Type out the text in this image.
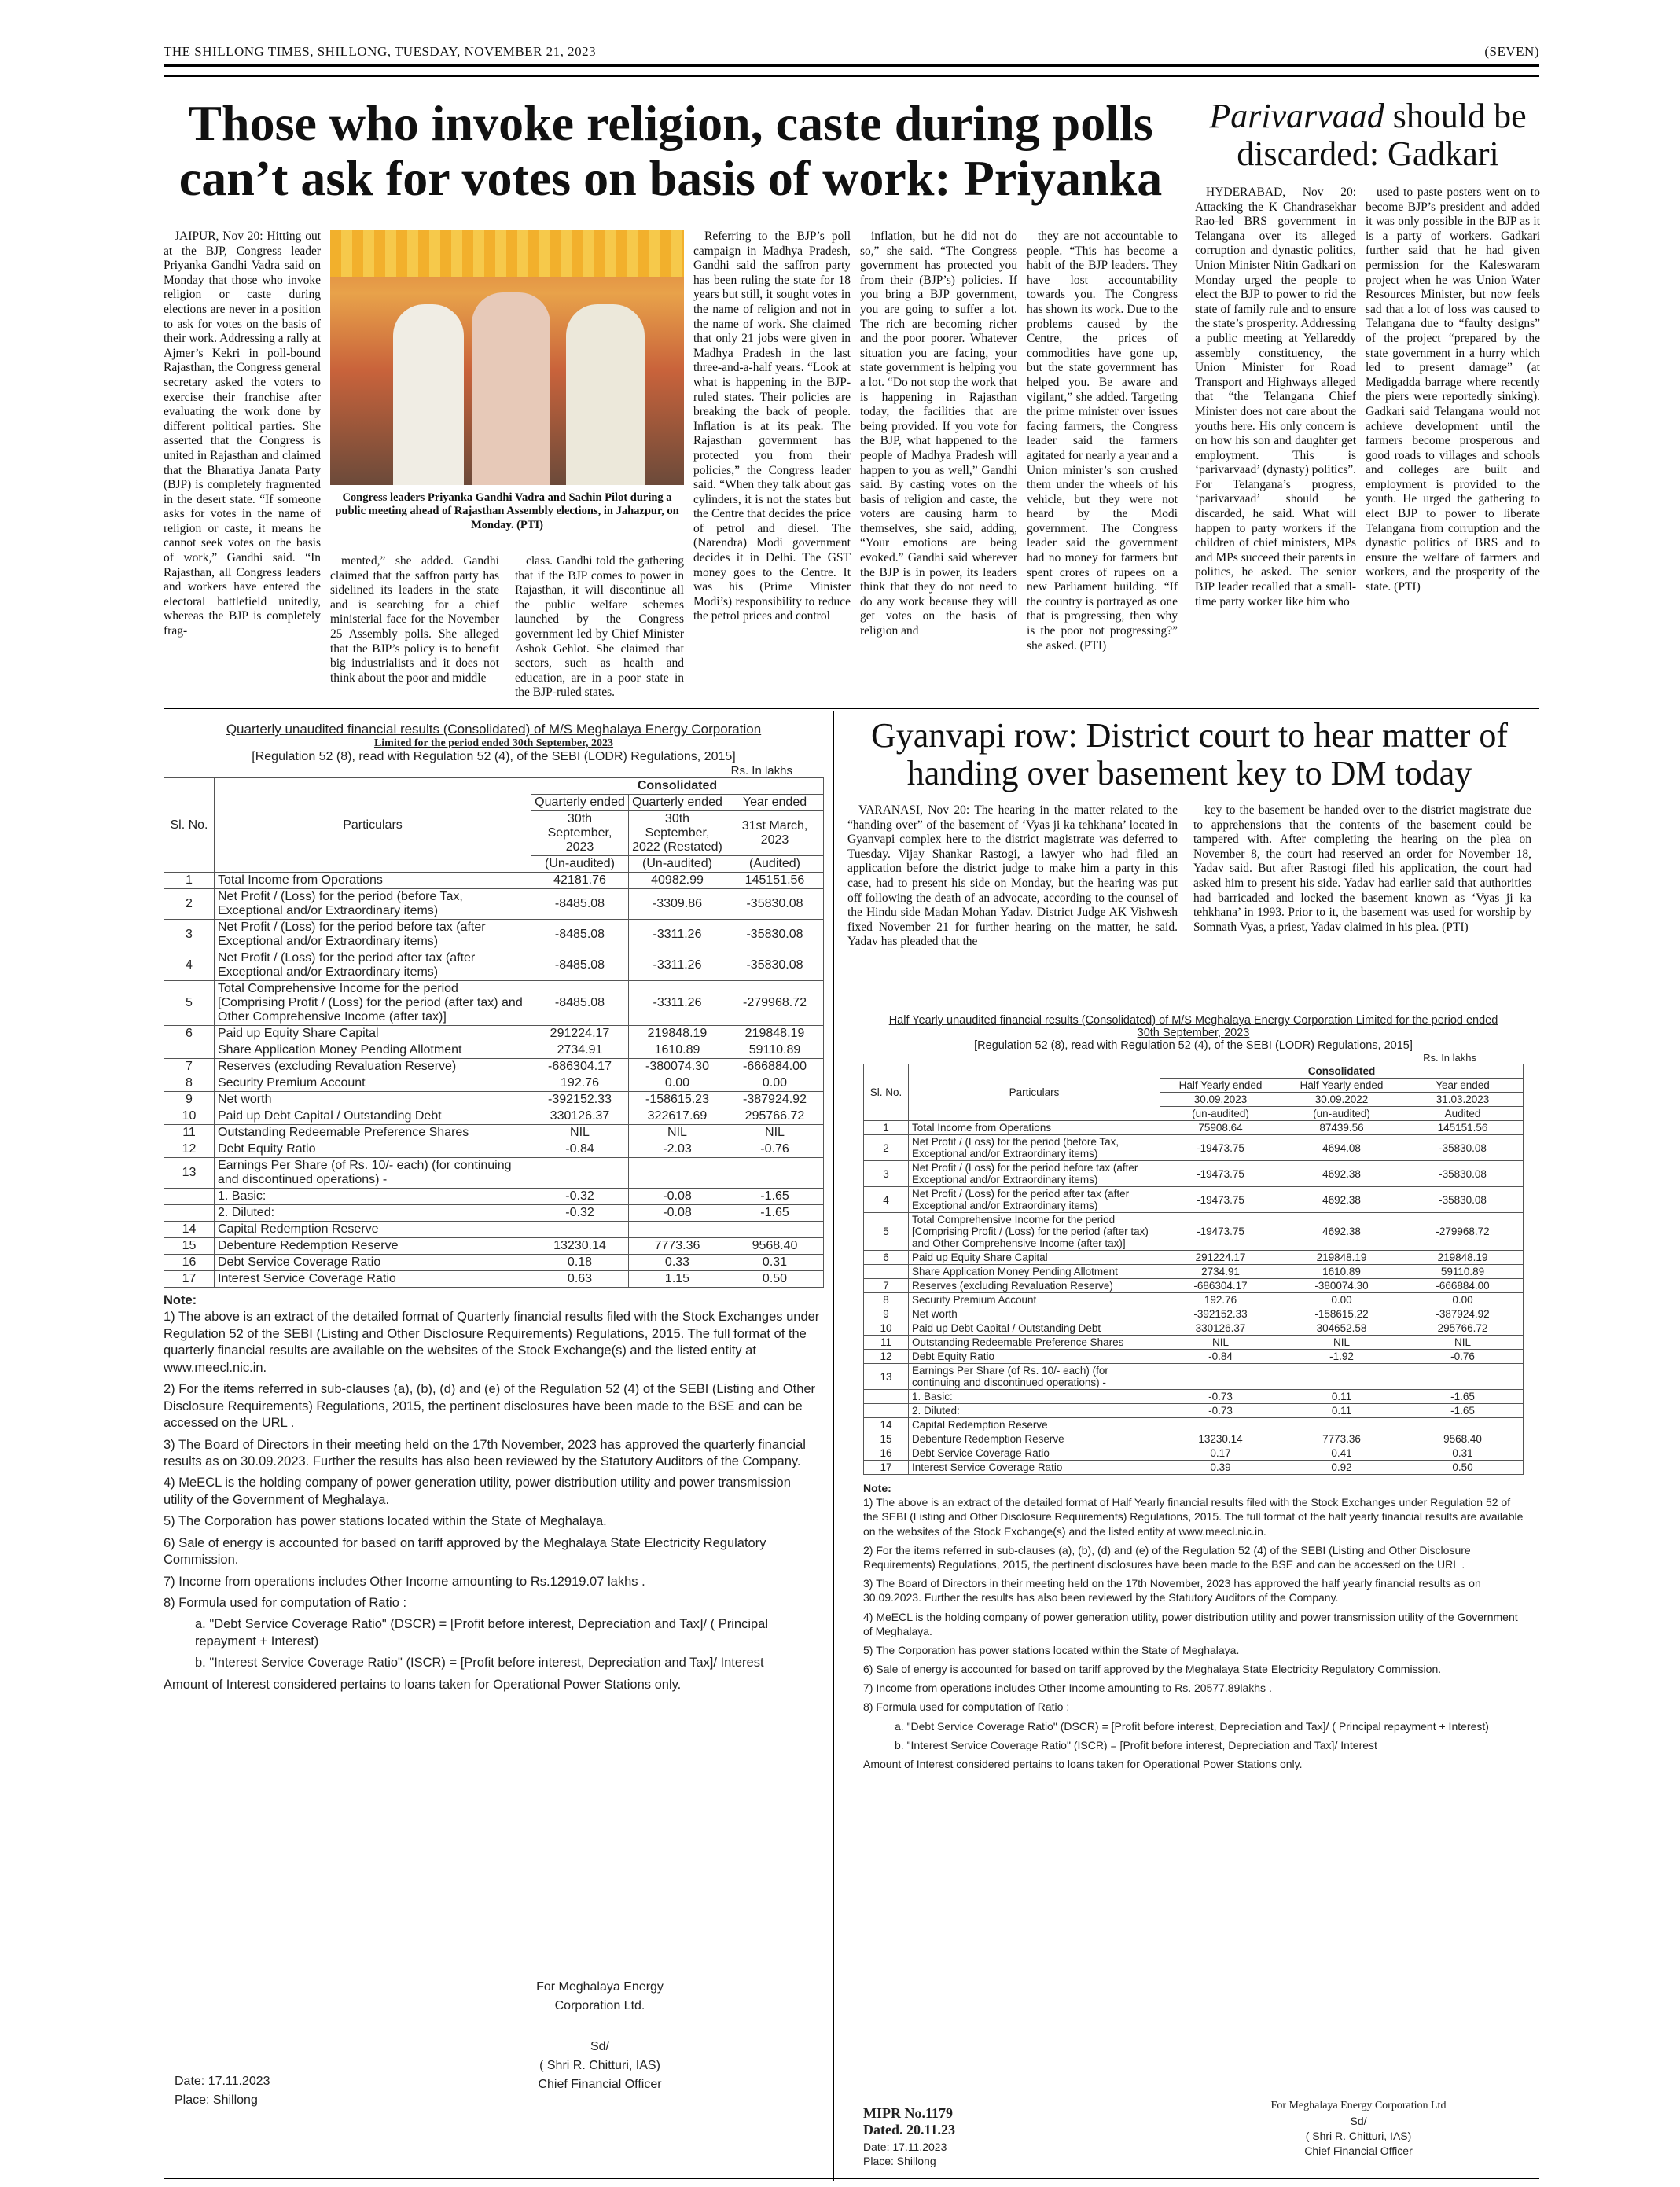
THE SHILLONG TIMES, SHILLONG, TUESDAY, NOVEMBER 21, 2023	(SEVEN)
Those who invoke religion, caste during polls
can’t ask for votes on basis of work: Priyanka

JAIPUR, Nov 20: Hitting out at the BJP, Congress leader Priyanka Gandhi Vadra said on Monday that those who invoke religion or caste during elections are never in a position to ask for votes on the basis of their work. Addressing a rally at Ajmer’s Kekri in poll-bound Rajasthan, the Congress general secretary asked the voters to exercise their franchise after evaluating the work done by different political parties. She asserted that the Congress is united in Rajasthan and claimed that the Bharatiya Janata Party (BJP) is completely fragmented in the desert state. “If someone asks for votes in the name of religion or caste, it means he cannot seek votes on the basis of work,” Gandhi said. “In Rajasthan, all Congress leaders and workers have entered the electoral battlefield unitedly, whereas the BJP is completely frag-

Congress leaders Priyanka Gandhi Vadra and Sachin Pilot during a public meeting ahead of Rajasthan Assembly elections, in Jahazpur, on Monday. (PTI)

mented,” she added. Gandhi claimed that the saffron party has sidelined its leaders in the state and is searching for a chief ministerial face for the November 25 Assembly polls. She alleged that the BJP’s policy is to benefit big industrialists and it does not think about the poor and middle

class. Gandhi told the gathering that if the BJP comes to power in Rajasthan, it will discontinue all the public welfare schemes launched by the Congress government led by Chief Minister Ashok Gehlot. She claimed that sectors, such as health and education, are in a poor state in the BJP-ruled states.

Referring to the BJP’s poll campaign in Madhya Pradesh, Gandhi said the saffron party has been ruling the state for 18 years but still, it sought votes in the name of religion and not in the name of work. She claimed that only 21 jobs were given in Madhya Pradesh in the last three-and-a-half years. “Look at what is happening in the BJP-ruled states. Their policies are breaking the back of people. Inflation is at its peak. The Rajasthan government has protected you from their policies,” the Congress leader said. “When they talk about gas cylinders, it is not the states but the Centre that decides the price of petrol and diesel. The (Narendra) Modi government decides it in Delhi. The GST money goes to the Centre. It was his (Prime Minister Modi’s) responsibility to reduce the petrol prices and control

inflation, but he did not do so,” she said. “The Congress government has protected you from their (BJP’s) policies. If you bring a BJP government, you are going to suffer a lot. The rich are becoming richer and the poor poorer. Whatever situation you are facing, your state government is helping you a lot. “Do not stop the work that is happening in Rajasthan today, the facilities that are being provided. If you vote for the BJP, what happened to the people of Madhya Pradesh will happen to you as well,” Gandhi said. By casting votes on the basis of religion and caste, the voters are causing harm to themselves, she said, adding, “Your emotions are being evoked.” Gandhi said wherever the BJP is in power, its leaders think that they do not need to do any work because they will get votes on the basis of religion and

they are not accountable to people. “This has become a habit of the BJP leaders. They have lost accountability towards you. The Congress has shown its work. Due to the problems caused by the Centre, the prices of commodities have gone up, but the state government has helped you. Be aware and vigilant,” she added. Targeting the prime minister over issues facing farmers, the Congress leader said the farmers agitated for nearly a year and a Union minister’s son crushed them under the wheels of his vehicle, but they were not heard by the Modi government. The Congress leader said the government had no money for farmers but spent crores of rupees on a new Parliament building. “If the country is portrayed as one that is progressing, then why is the poor not progressing?” she asked. (PTI)

Parivarvaad should be discarded: Gadkari

HYDERABAD, Nov 20: Attacking the K Chandrasekhar Rao-led BRS government in Telangana over its alleged corruption and dynastic politics, Union Minister Nitin Gadkari on Monday urged the people to elect the BJP to power to rid the state of family rule and to ensure the state’s prosperity. Addressing a public meeting at Yellareddy assembly constituency, the Union Minister for Road Transport and Highways alleged that “the Telangana Chief Minister does not care about the youths here. His only concern is on how his son and daughter get employment. This is ‘parivarvaad’ (dynasty) politics”. For Telangana’s progress, ‘parivarvaad’ should be discarded, he said. What will happen to party workers if the children of chief ministers, MPs and MPs succeed their parents in politics, he asked. The senior BJP leader recalled that a small-time party worker like him who

used to paste posters went on to become BJP’s president and added it was only possible in the BJP as it is a party of workers. Gadkari further said that he had given permission for the Kaleswaram project when he was Union Water Resources Minister, but now feels sad that a lot of loss was caused to Telangana due to “faulty designs” of the project “prepared by the state government in a hurry which led to present damage” (at Medigadda barrage where recently the piers were reportedly sinking). Gadkari said Telangana would not achieve development until the farmers become prosperous and good roads to villages and schools and colleges are built and employment is provided to the youth. He urged the gathering to elect BJP to power to liberate Telangana from corruption and the dynastic politics of BRS and to ensure the welfare of farmers and workers, and the prosperity of the state. (PTI)

Quarterly unaudited financial results (Consolidated) of M/S Meghalaya Energy Corporation
Limited for the period ended 30th September, 2023
[Regulation 52 (8), read with Regulation 52 (4), of the SEBI (LODR) Regulations, 2015]
Rs. In lakhs
Sl. No.	Particulars	Consolidated		
		Quarterly ended	Quarterly ended	Year ended
		30th September, 2023	30th September, 2022 (Restated)	31st March, 2023
		(Un-audited)	(Un-audited)	(Audited)
1	Total Income from Operations	42181.76	40982.99	145151.56
2	Net Profit / (Loss) for the period (before Tax, Exceptional and/or Extraordinary items)	-8485.08	-3309.86	-35830.08
3	Net Profit / (Loss) for the period before tax (after Exceptional and/or Extraordinary items)	-8485.08	-3311.26	-35830.08
4	Net Profit / (Loss) for the period after tax (after Exceptional and/or Extraordinary items)	-8485.08	-3311.26	-35830.08
5	Total Comprehensive Income for the period [Comprising Profit / (Loss) for the period (after tax) and Other Comprehensive Income (after tax)]	-8485.08	-3311.26	-279968.72
6	Paid up Equity Share Capital	291224.17	219848.19	219848.19
	Share Application Money Pending Allotment	2734.91	1610.89	59110.89
7	Reserves (excluding Revaluation Reserve)	-686304.17	-380074.30	-666884.00
8	Security Premium Account	192.76	0.00	0.00
9	Net worth	-392152.33	-158615.23	-387924.92
10	Paid up Debt Capital / Outstanding Debt	330126.37	322617.69	295766.72
11	Outstanding Redeemable Preference Shares	NIL	NIL	NIL
12	Debt Equity Ratio	-0.84	-2.03	-0.76
13	Earnings Per Share (of Rs. 10/- each) (for continuing and discontinued operations) -			
	1. Basic:	-0.32	-0.08	-1.65
	2. Diluted:	-0.32	-0.08	-1.65
14	Capital Redemption Reserve			
15	Debenture Redemption Reserve	13230.14	7773.36	9568.40
16	Debt Service Coverage Ratio	0.18	0.33	0.31
17	Interest Service Coverage Ratio	0.63	1.15	0.50
Note:

1) The above is an extract of the detailed format of Quarterly financial results filed with the Stock Exchanges under Regulation 52 of the SEBI (Listing and Other Disclosure Requirements) Regulations, 2015. The full format of the quarterly financial results are available on the websites of the Stock Exchange(s) and the listed entity at www.meecl.nic.in.

2) For the items referred in sub-clauses (a), (b), (d) and (e) of the Regulation 52 (4) of the SEBI (Listing and Other Disclosure Requirements) Regulations, 2015, the pertinent disclosures have been made to the BSE and can be accessed on the URL .

3) The Board of Directors in their meeting held on the 17th November, 2023 has approved the quarterly financial results as on 30.09.2023. Further the results has also been reviewed by the Statutory Auditors of the Company.

4) MeECL is the holding company of power generation utility, power distribution utility and power transmission utility of the Government of Meghalaya.

5) The Corporation has power stations located within the State of Meghalaya.

6) Sale of energy is accounted for based on tariff approved by the Meghalaya State Electricity Regulatory Commission.

7) Income from operations includes Other Income amounting to Rs.12919.07 lakhs .

8) Formula used for computation of Ratio :

a. "Debt Service Coverage Ratio" (DSCR) = [Profit before interest, Depreciation and Tax]/ ( Principal repayment + Interest)

b. "Interest Service Coverage Ratio" (ISCR) = [Profit before interest, Depreciation and Tax]/ Interest

Amount of Interest considered pertains to loans taken for Operational Power Stations only.

For Meghalaya Energy
Corporation Ltd.
Sd/
( Shri R. Chitturi, IAS)
Chief Financial Officer
Date: 17.11.2023
Place: Shillong
Gyanvapi row: District court to hear matter of
handing over basement key to DM today

VARANASI, Nov 20: The hearing in the matter related to the “handing over” of the basement of ‘Vyas ji ka tehkhana’ located in Gyanvapi complex here to the district magistrate was deferred to Tuesday. Vijay Shankar Rastogi, a lawyer who had filed an application before the district judge to make him a party in this case, had to present his side on Monday, but the hearing was put off following the death of an advocate, according to the counsel of the Hindu side Madan Mohan Yadav. District Judge AK Vishwesh fixed November 21 for further hearing on the matter, he said. Yadav has pleaded that the

key to the basement be handed over to the district magistrate due to apprehensions that the contents of the basement could be tampered with. After completing the hearing on the plea on November 8, the court had reserved an order for November 18, Yadav said. But after Rastogi filed his application, the court had asked him to present his side. Yadav had earlier said that authorities had barricaded and locked the basement known as ‘Vyas ji ka tehkhana’ in 1993. Prior to it, the basement was used for worship by Somnath Vyas, a priest, Yadav claimed in his plea. (PTI)

Half Yearly unaudited financial results (Consolidated) of M/S Meghalaya Energy Corporation Limited for the period ended 30th September, 2023
[Regulation 52 (8), read with Regulation 52 (4), of the SEBI (LODR) Regulations, 2015]
Rs. In lakhs
Sl. No.	Particulars	Consolidated		
		Half Yearly ended	Half Yearly ended	Year ended
		30.09.2023	30.09.2022	31.03.2023
		(un-audited)	(un-audited)	Audited
1	Total Income from Operations	75908.64	87439.56	145151.56
2	Net Profit / (Loss) for the period (before Tax, Exceptional and/or Extraordinary items)	-19473.75	4694.08	-35830.08
3	Net Profit / (Loss) for the period before tax (after Exceptional and/or Extraordinary items)	-19473.75	4692.38	-35830.08
4	Net Profit / (Loss) for the period after tax (after Exceptional and/or Extraordinary items)	-19473.75	4692.38	-35830.08
5	Total Comprehensive Income for the period [Comprising Profit / (Loss) for the period (after tax) and Other Comprehensive Income (after tax)]	-19473.75	4692.38	-279968.72
6	Paid up Equity Share Capital	291224.17	219848.19	219848.19
	Share Application Money Pending Allotment	2734.91	1610.89	59110.89
7	Reserves (excluding Revaluation Reserve)	-686304.17	-380074.30	-666884.00
8	Security Premium Account	192.76	0.00	0.00
9	Net worth	-392152.33	-158615.22	-387924.92
10	Paid up Debt Capital / Outstanding Debt	330126.37	304652.58	295766.72
11	Outstanding Redeemable Preference Shares	NIL	NIL	NIL
12	Debt Equity Ratio	-0.84	-1.92	-0.76
13	Earnings Per Share (of Rs. 10/- each) (for continuing and discontinued operations) -			
	1. Basic:	-0.73	0.11	-1.65
	2. Diluted:	-0.73	0.11	-1.65
14	Capital Redemption Reserve			
15	Debenture Redemption Reserve	13230.14	7773.36	9568.40
16	Debt Service Coverage Ratio	0.17	0.41	0.31
17	Interest Service Coverage Ratio	0.39	0.92	0.50
Note:

1) The above is an extract of the detailed format of Half Yearly financial results filed with the Stock Exchanges under Regulation 52 of the SEBI (Listing and Other Disclosure Requirements) Regulations, 2015. The full format of the half yearly financial results are available on the websites of the Stock Exchange(s) and the listed entity at www.meecl.nic.in.

2) For the items referred in sub-clauses (a), (b), (d) and (e) of the Regulation 52 (4) of the SEBI (Listing and Other Disclosure Requirements) Regulations, 2015, the pertinent disclosures have been made to the BSE and can be accessed on the URL .

3) The Board of Directors in their meeting held on the 17th November, 2023 has approved the half yearly financial results as on 30.09.2023. Further the results has also been reviewed by the Statutory Auditors of the Company.

4) MeECL is the holding company of power generation utility, power distribution utility and power transmission utility of the Government of Meghalaya.

5) The Corporation has power stations located within the State of Meghalaya.

6) Sale of energy is accounted for based on tariff approved by the Meghalaya State Electricity Regulatory Commission.

7) Income from operations includes Other Income amounting to Rs. 20577.89lakhs .

8) Formula used for computation of Ratio :

a. "Debt Service Coverage Ratio" (DSCR) = [Profit before interest, Depreciation and Tax]/ ( Principal repayment + Interest)

b. "Interest Service Coverage Ratio" (ISCR) = [Profit before interest, Depreciation and Tax]/ Interest

Amount of Interest considered pertains to loans taken for Operational Power Stations only.

MIPR No.1179
Dated. 20.11.23
Date: 17.11.2023
Place: Shillong
For Meghalaya Energy Corporation Ltd
Sd/
( Shri R. Chitturi, IAS)
Chief Financial Officer
